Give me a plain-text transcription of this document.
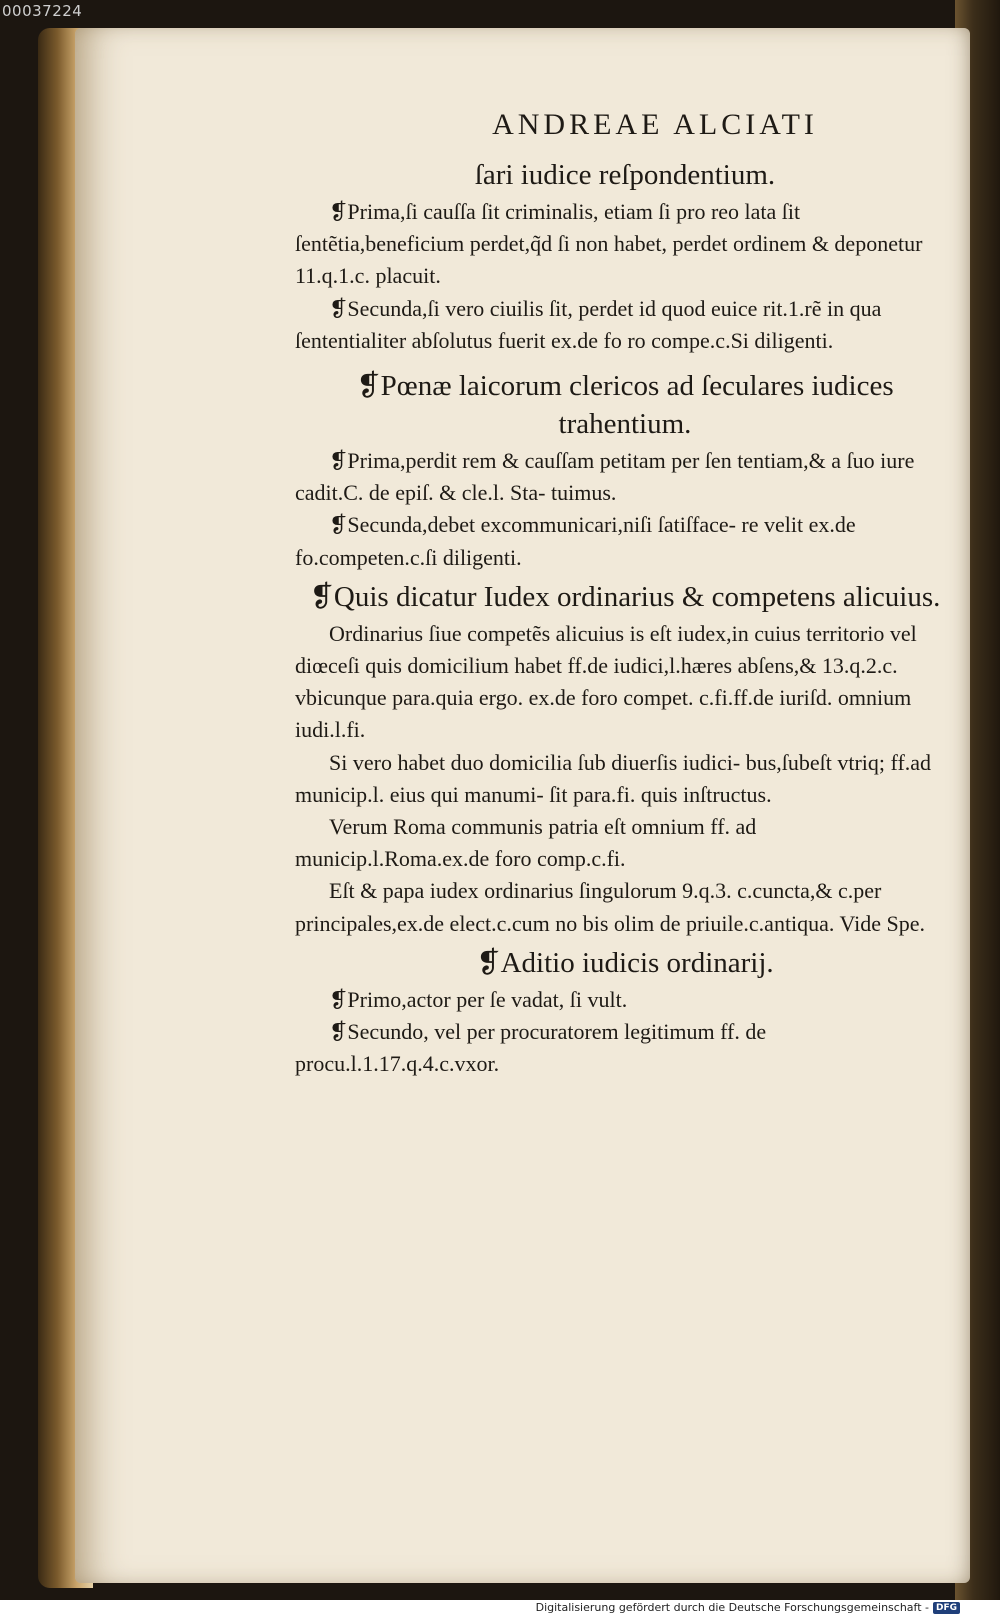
00037224
ANDREAE ALCIATI
ſari iudice reſpondentium.

❡Prima,ſi cauſſa ſit criminalis, etiam ſi pro reo lata ſit ſentẽtia,beneficium perdet,q̃d ſi non habet, perdet ordinem & deponetur 11.q.1.c. placuit.

❡Secunda,ſi vero ciuilis ſit, perdet id quod euice rit.1.rẽ in qua ſententialiter abſolutus fuerit ex.de fo ro compe.c.Si diligenti.

❡Pœnæ laicorum clericos ad ſeculares iudices trahentium.

❡Prima,perdit rem & cauſſam petitam per ſen tentiam,& a ſuo iure cadit.C. de epiſ. & cle.l. Sta- tuimus.

❡Secunda,debet excommunicari,niſi ſatiſface- re velit ex.de fo.competen.c.ſi diligenti.

❡Quis dicatur Iudex ordinarius & competens alicuius.

Ordinarius ſiue competẽs alicuius is eſt iudex,in cuius territorio vel diœceſi quis domicilium habet ff.de iudici,l.hæres abſens,& 13.q.2.c. vbicunque para.quia ergo. ex.de foro compet. c.fi.ff.de iuriſd. omnium iudi.l.fi.

Si vero habet duo domicilia ſub diuerſis iudici- bus,ſubeſt vtriq; ff.ad municip.l. eius qui manumi- ſit para.fi. quis inſtructus.

Verum Roma communis patria eſt omnium ff. ad municip.l.Roma.ex.de foro comp.c.fi.

Eſt & papa iudex ordinarius ſingulorum 9.q.3. c.cuncta,& c.per principales,ex.de elect.c.cum no bis olim de priuile.c.antiqua. Vide Spe.

❡Aditio iudicis ordinarij.

❡Primo,actor per ſe vadat, ſi vult.

❡Secundo, vel per procuratorem legitimum ff. de procu.l.1.17.q.4.c.vxor.

Digitalisierung gefördert durch die Deutsche Forschungsgemeinschaft - DFG
